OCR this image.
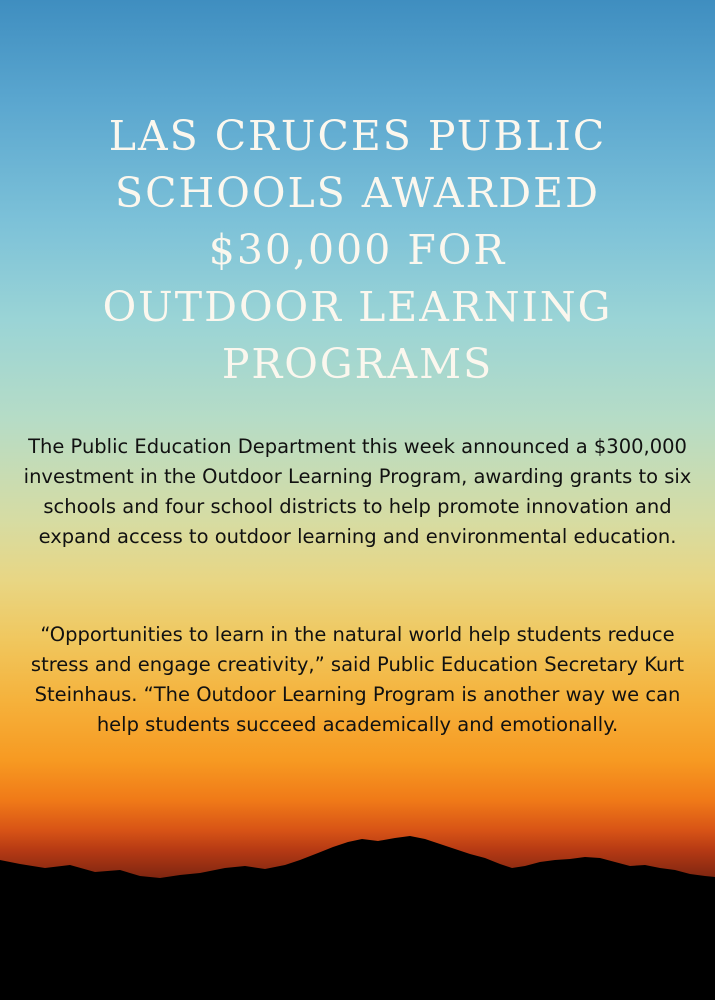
LAS CRUCES PUBLIC
SCHOOLS AWARDED
$30,000 FOR
OUTDOOR LEARNING
PROGRAMS

The Public Education Department this week announced a $300,000 investment in the Outdoor Learning Program, awarding grants to six schools and four school districts to help promote innovation and expand access to outdoor learning and environmental education.

“Opportunities to learn in the natural world help students reduce stress and engage creativity,” said Public Education Secretary Kurt Steinhaus. “The Outdoor Learning Program is another way we can help students succeed academically and emotionally.
